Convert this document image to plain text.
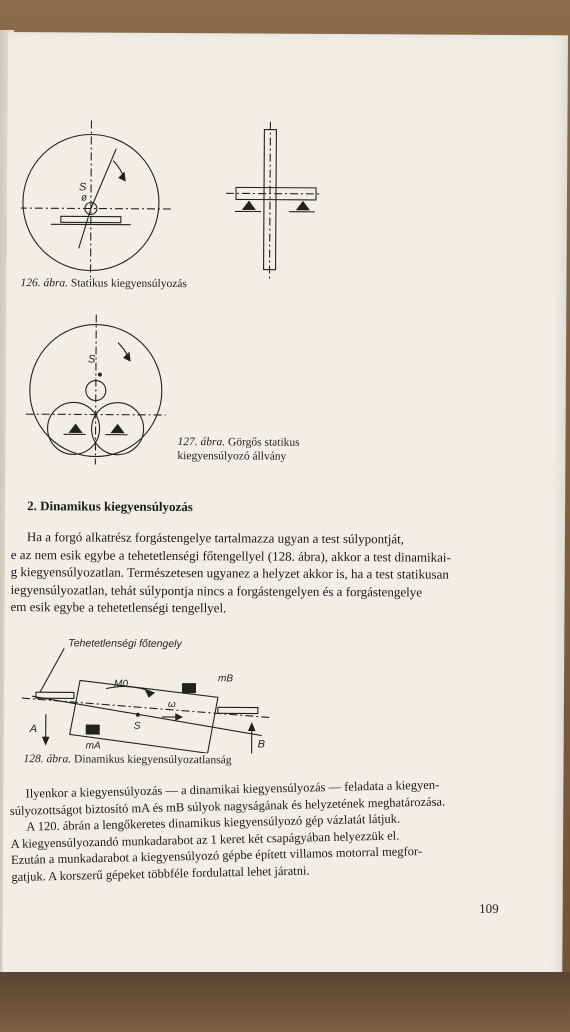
S
ø
126. ábra. Statikus kiegyensúlyozás
S
127. ábra. Görgős statikus
kiegyensúlyozó állvány
2. Dinamikus kiegyensúlyozás

Ha a forgó alkatrész forgástengelye tartalmazza ugyan a test súlypontját,

e az nem esik egybe a tehetetlenségi főtengellyel (128. ábra), akkor a test dinamikai-

g kiegyensúlyozatlan. Természetesen ugyanez a helyzet akkor is, ha a test statikusan

iegyensúlyozatlan, tehát súlypontja nincs a forgástengelyen és a forgástengelye

em esik egybe a tehetetlenségi tengellyel.

Tehetetlenségi főtengely
M0	mB
ω
S
mA
A
B
128. ábra. Dinamikus kiegyensúlyozatlanság

Ilyenkor a kiegyensúlyozás — a dinamikai kiegyensúlyozás — feladata a kiegyen-

súlyozottságot biztosító mA és mB súlyok nagyságának és helyzetének meghatározása.

A 120. ábrán a lengőkeretes dinamikus kiegyensúlyozó gép vázlatát látjuk.

A kiegyensúlyozandó munkadarabot az 1 keret két csapágyában helyezzük el.

Ezután a munkadarabot a kiegyensúlyozó gépbe épített villamos motorral megfor-

gatjuk. A korszerű gépeket többféle fordulattal lehet járatni.

109
